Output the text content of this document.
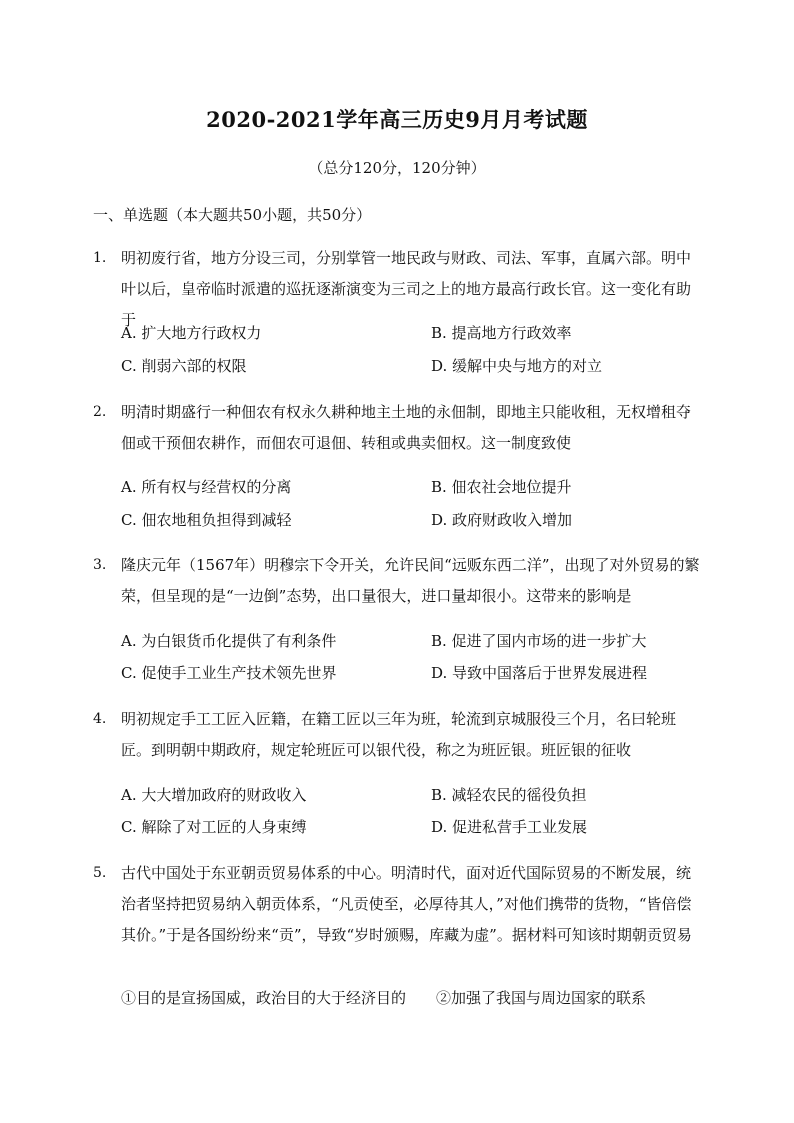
2020-2021学年高三历史9月月考试题
（总分120分，120分钟）
一、单选题（本大题共50小题，共50分）
1. 明初废行省，地方分设三司，分别掌管一地民政与财政、司法、军事，直属六部。明中叶以后，皇帝临时派遣的巡抚逐渐演变为三司之上的地方最高行政长官。这一变化有助于
A. 扩大地方行政权力	B. 提高地方行政效率
C. 削弱六部的权限	D. 缓解中央与地方的对立
2. 明清时期盛行一种佃农有权永久耕种地主土地的永佃制，即地主只能收租，无权增租夺佃或干预佃农耕作，而佃农可退佃、转租或典卖佃权。这一制度致使
A. 所有权与经营权的分离	B. 佃农社会地位提升
C. 佃农地租负担得到减轻	D. 政府财政收入增加
3. 隆庆元年（1567年）明穆宗下令开关，允许民间“远贩东西二洋”，出现了对外贸易的繁荣，但呈现的是“一边倒”态势，出口量很大，进口量却很小。这带来的影响是
A. 为白银货币化提供了有利条件	B. 促进了国内市场的进一步扩大
C. 促使手工业生产技术领先世界	D. 导致中国落后于世界发展进程
4. 明初规定手工工匠入匠籍，在籍工匠以三年为班，轮流到京城服役三个月，名曰轮班匠。到明朝中期政府，规定轮班匠可以银代役，称之为班匠银。班匠银的征收
A. 大大增加政府的财政收入	B. 减轻农民的徭役负担
C. 解除了对工匠的人身束缚	D. 促进私营手工业发展
5. 古代中国处于东亚朝贡贸易体系的中心。明清时代，面对近代国际贸易的不断发展，统治者坚持把贸易纳入朝贡体系，“凡贡使至，必厚待其人，”对他们携带的货物，“皆倍偿其价。”于是各国纷纷来“贡”，导致“岁时颁赐，库藏为虚”。据材料可知该时期朝贡贸易
①目的是宣扬国威，政治目的大于经济目的 ②加强了我国与周边国家的联系
